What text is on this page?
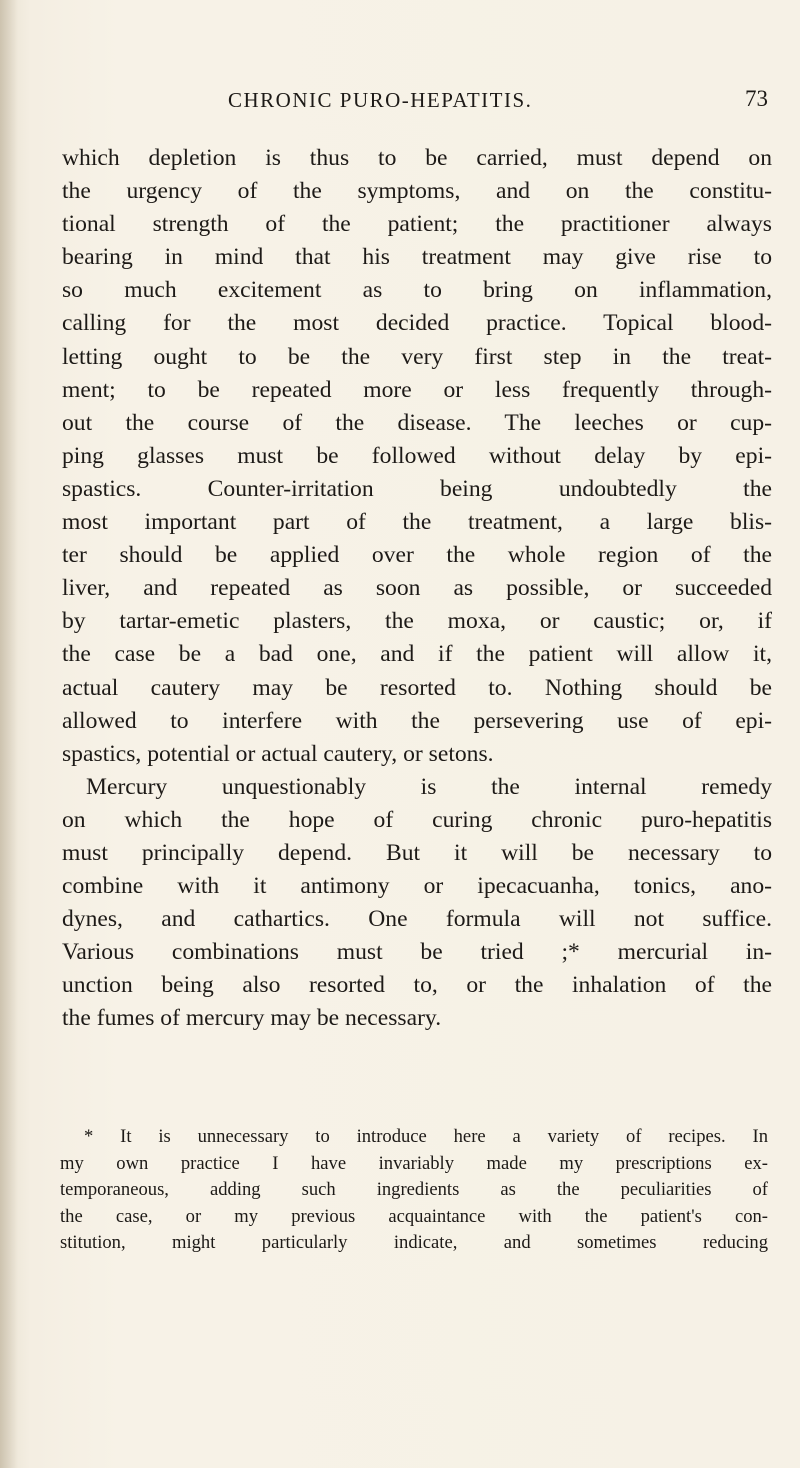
CHRONIC PURO-HEPATITIS.	73
which depletion is thus to be carried, must depend on
the urgency of the symptoms, and on the constitu-
tional strength of the patient; the practitioner always
bearing in mind that his treatment may give rise to
so much excitement as to bring on inflammation,
calling for the most decided practice. Topical blood-
letting ought to be the very first step in the treat-
ment; to be repeated more or less frequently through-
out the course of the disease. The leeches or cup-
ping glasses must be followed without delay by epi-
spastics. Counter-irritation being undoubtedly the
most important part of the treatment, a large blis-
ter should be applied over the whole region of the
liver, and repeated as soon as possible, or succeeded
by tartar-emetic plasters, the moxa, or caustic; or, if
the case be a bad one, and if the patient will allow it,
actual cautery may be resorted to. Nothing should be
allowed to interfere with the persevering use of epi-
spastics, potential or actual cautery, or setons.
Mercury unquestionably is the internal remedy
on which the hope of curing chronic puro-hepatitis
must principally depend. But it will be necessary to
combine with it antimony or ipecacuanha, tonics, ano-
dynes, and cathartics. One formula will not suffice.
Various combinations must be tried ;* mercurial in-
unction being also resorted to, or the inhalation of the
the fumes of mercury may be necessary.
* It is unnecessary to introduce here a variety of recipes. In
my own practice I have invariably made my prescriptions ex-
temporaneous, adding such ingredients as the peculiarities of
the case, or my previous acquaintance with the patient's con-
stitution, might particularly indicate, and sometimes reducing
